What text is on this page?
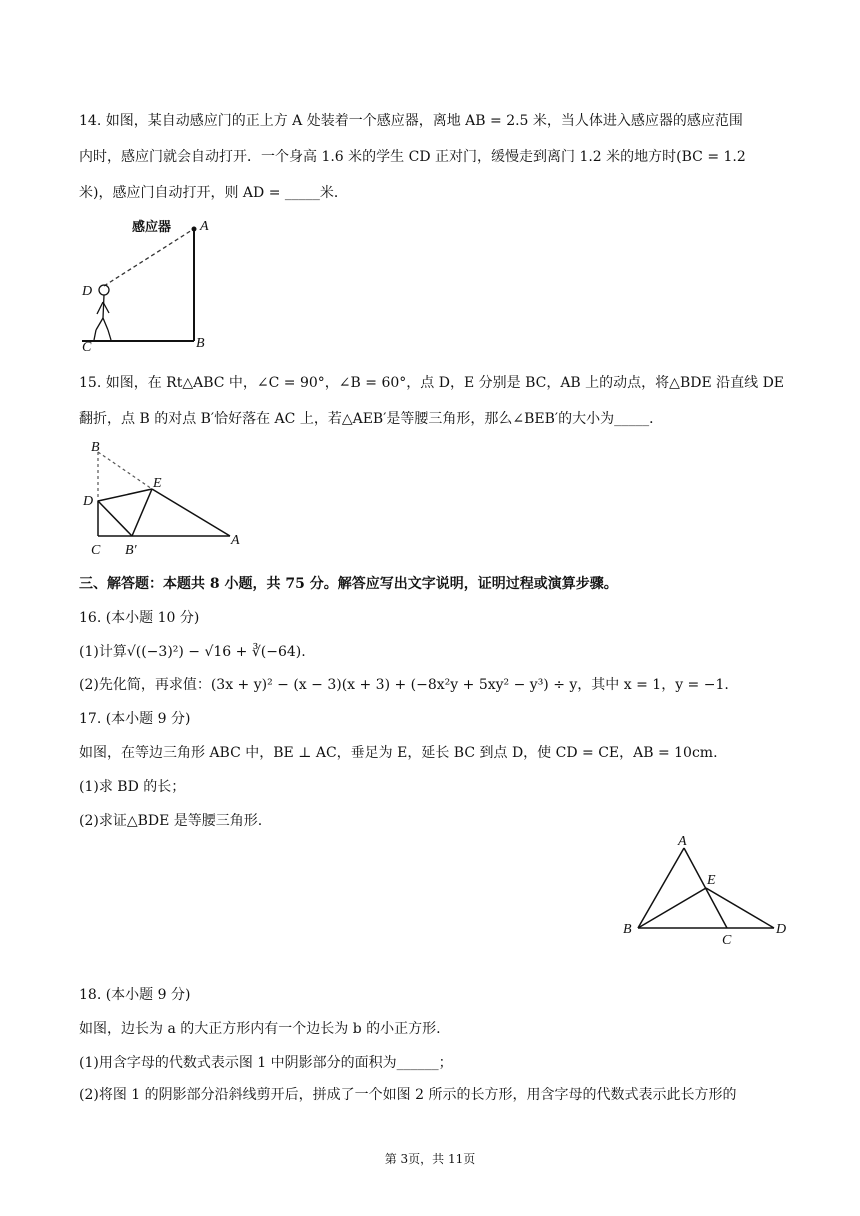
14. 如图，某自动感应门的正上方 A 处装着一个感应器，离地 AB = 2.5 米，当人体进入感应器的感应范围
内时，感应门就会自动打开．一个身高 1.6 米的学生 CD 正对门，缓慢走到离门 1.2 米的地方时(BC = 1.2
米)，感应门自动打开，则 AD = _____米．
感应器 A
B
C
D
15. 如图，在 Rt△ABC 中，∠C = 90°，∠B = 60°，点 D，E 分别是 BC，AB 上的动点，将△BDE 沿直线 DE
翻折，点 B 的对点 B′恰好落在 AC 上，若△AEB′是等腰三角形，那么∠BEB′的大小为_____．
B
D
E
C B′
A
三、解答题：本题共 8 小题，共 75 分。解答应写出文字说明，证明过程或演算步骤。
16. (本小题 10 分)
(1)计算√((−3)²) − √16 + ∛(−64).
(2)先化简，再求值：(3x + y)² − (x − 3)(x + 3) + (−8x²y + 5xy² − y³) ÷ y，其中 x = 1，y = −1.
17. (本小题 9 分)
如图，在等边三角形 ABC 中，BE ⊥ AC，垂足为 E，延长 BC 到点 D，使 CD = CE，AB = 10cm.
(1)求 BD 的长；
(2)求证△BDE 是等腰三角形.
A
E
B
C
D
18. (本小题 9 分)
如图，边长为 a 的大正方形内有一个边长为 b 的小正方形.
(1)用含字母的代数式表示图 1 中阴影部分的面积为______；
(2)将图 1 的阴影部分沿斜线剪开后，拼成了一个如图 2 所示的长方形，用含字母的代数式表示此长方形的
第 3页，共 11页
